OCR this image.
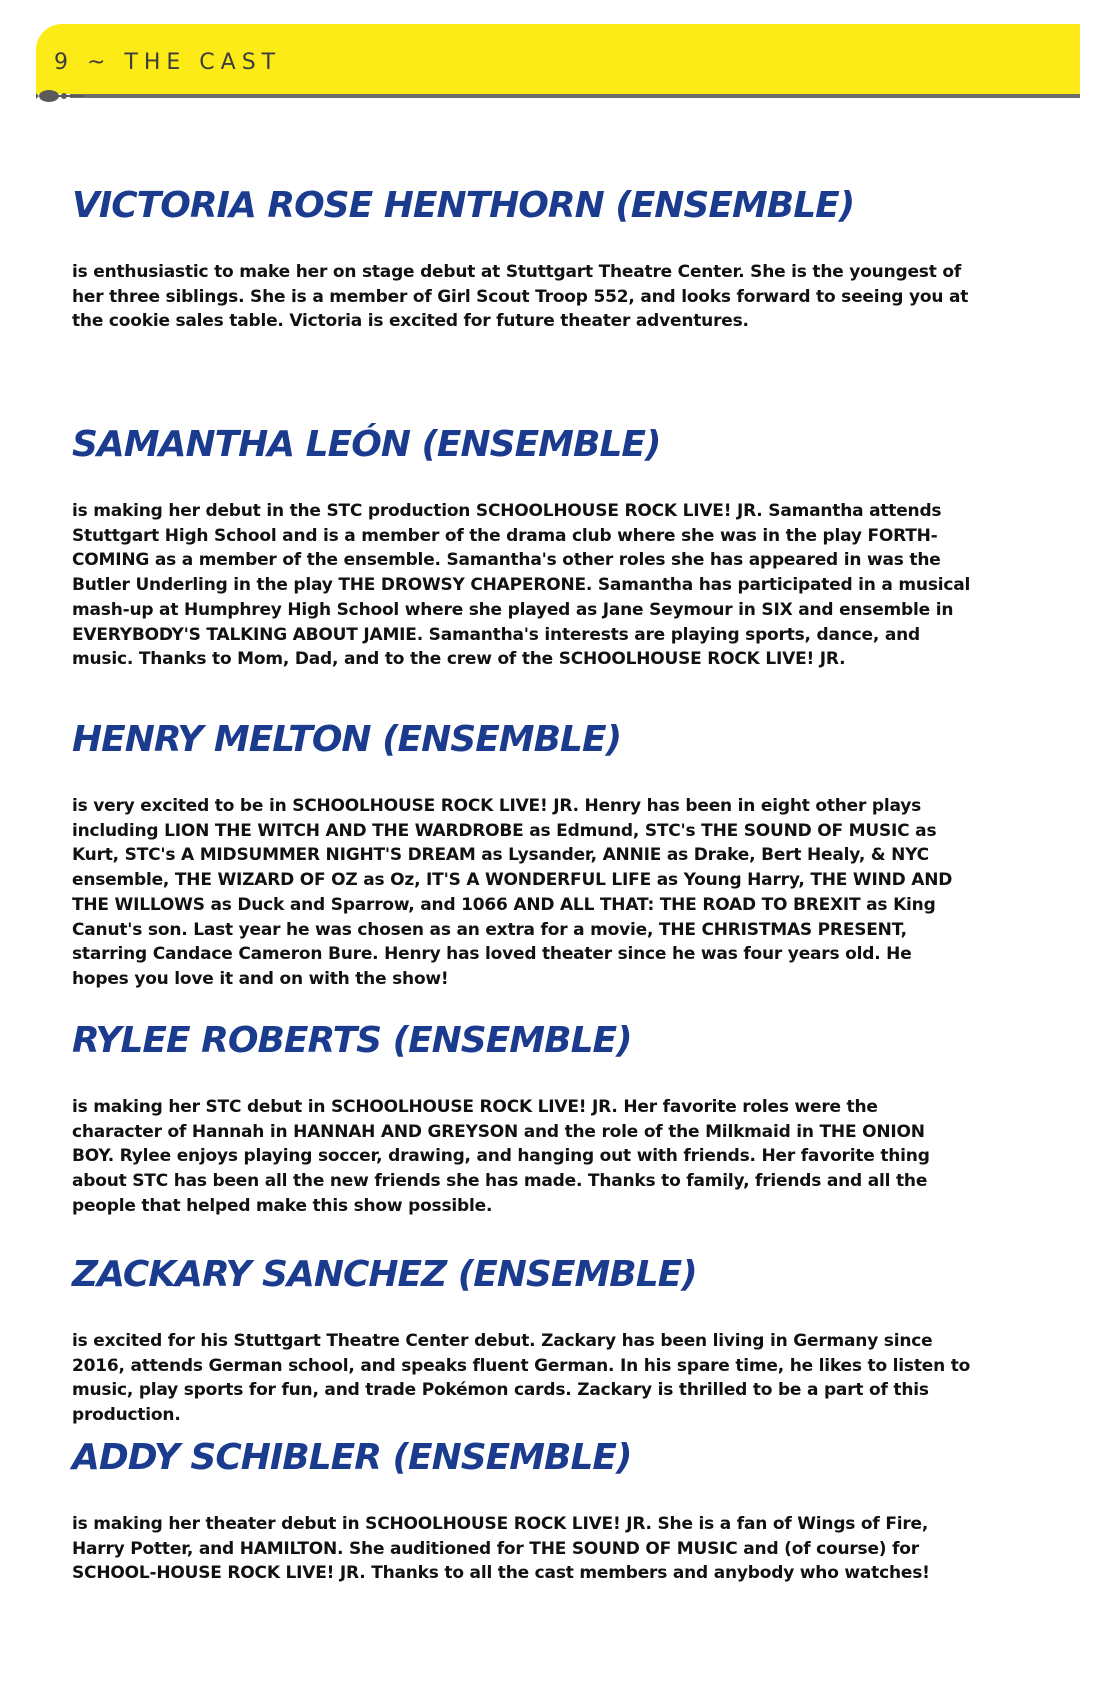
9 ~ THE CAST
VICTORIA ROSE HENTHORN (ENSEMBLE)

is enthusiastic to make her on stage debut at Stuttgart Theatre Center. She is the youngest of her three siblings. She is a member of Girl Scout Troop 552, and looks forward to seeing you at the cookie sales table. Victoria is excited for future theater adventures.

SAMANTHA LEÓN (ENSEMBLE)

is making her debut in the STC production SCHOOLHOUSE ROCK LIVE! JR. Samantha attends Stuttgart High School and is a member of the drama club where she was in the play FORTH-COMING as a member of the ensemble. Samantha's other roles she has appeared in was the Butler Underling in the play THE DROWSY CHAPERONE. Samantha has participated in a musical mash-up at Humphrey High School where she played as Jane Seymour in SIX and ensemble in EVERYBODY'S TALKING ABOUT JAMIE. Samantha's interests are playing sports, dance, and music. Thanks to Mom, Dad, and to the crew of the SCHOOLHOUSE ROCK LIVE! JR.

HENRY MELTON (ENSEMBLE)

is very excited to be in SCHOOLHOUSE ROCK LIVE! JR. Henry has been in eight other plays including LION THE WITCH AND THE WARDROBE as Edmund, STC's THE SOUND OF MUSIC as Kurt, STC's A MIDSUMMER NIGHT'S DREAM as Lysander, ANNIE as Drake, Bert Healy, & NYC ensemble, THE WIZARD OF OZ as Oz, IT'S A WONDERFUL LIFE as Young Harry, THE WIND AND THE WILLOWS as Duck and Sparrow, and 1066 AND ALL THAT: THE ROAD TO BREXIT as King Canut's son. Last year he was chosen as an extra for a movie, THE CHRISTMAS PRESENT, starring Candace Cameron Bure. Henry has loved theater since he was four years old. He hopes you love it and on with the show!

RYLEE ROBERTS (ENSEMBLE)

is making her STC debut in SCHOOLHOUSE ROCK LIVE! JR. Her favorite roles were the character of Hannah in HANNAH AND GREYSON and the role of the Milkmaid in THE ONION BOY. Rylee enjoys playing soccer, drawing, and hanging out with friends. Her favorite thing about STC has been all the new friends she has made. Thanks to family, friends and all the people that helped make this show possible.

ZACKARY SANCHEZ (ENSEMBLE)

is excited for his Stuttgart Theatre Center debut. Zackary has been living in Germany since 2016, attends German school, and speaks fluent German. In his spare time, he likes to listen to music, play sports for fun, and trade Pokémon cards. Zackary is thrilled to be a part of this production.

ADDY SCHIBLER (ENSEMBLE)

is making her theater debut in SCHOOLHOUSE ROCK LIVE! JR. She is a fan of Wings of Fire, Harry Potter, and HAMILTON. She auditioned for THE SOUND OF MUSIC and (of course) for SCHOOL-HOUSE ROCK LIVE! JR. Thanks to all the cast members and anybody who watches!
